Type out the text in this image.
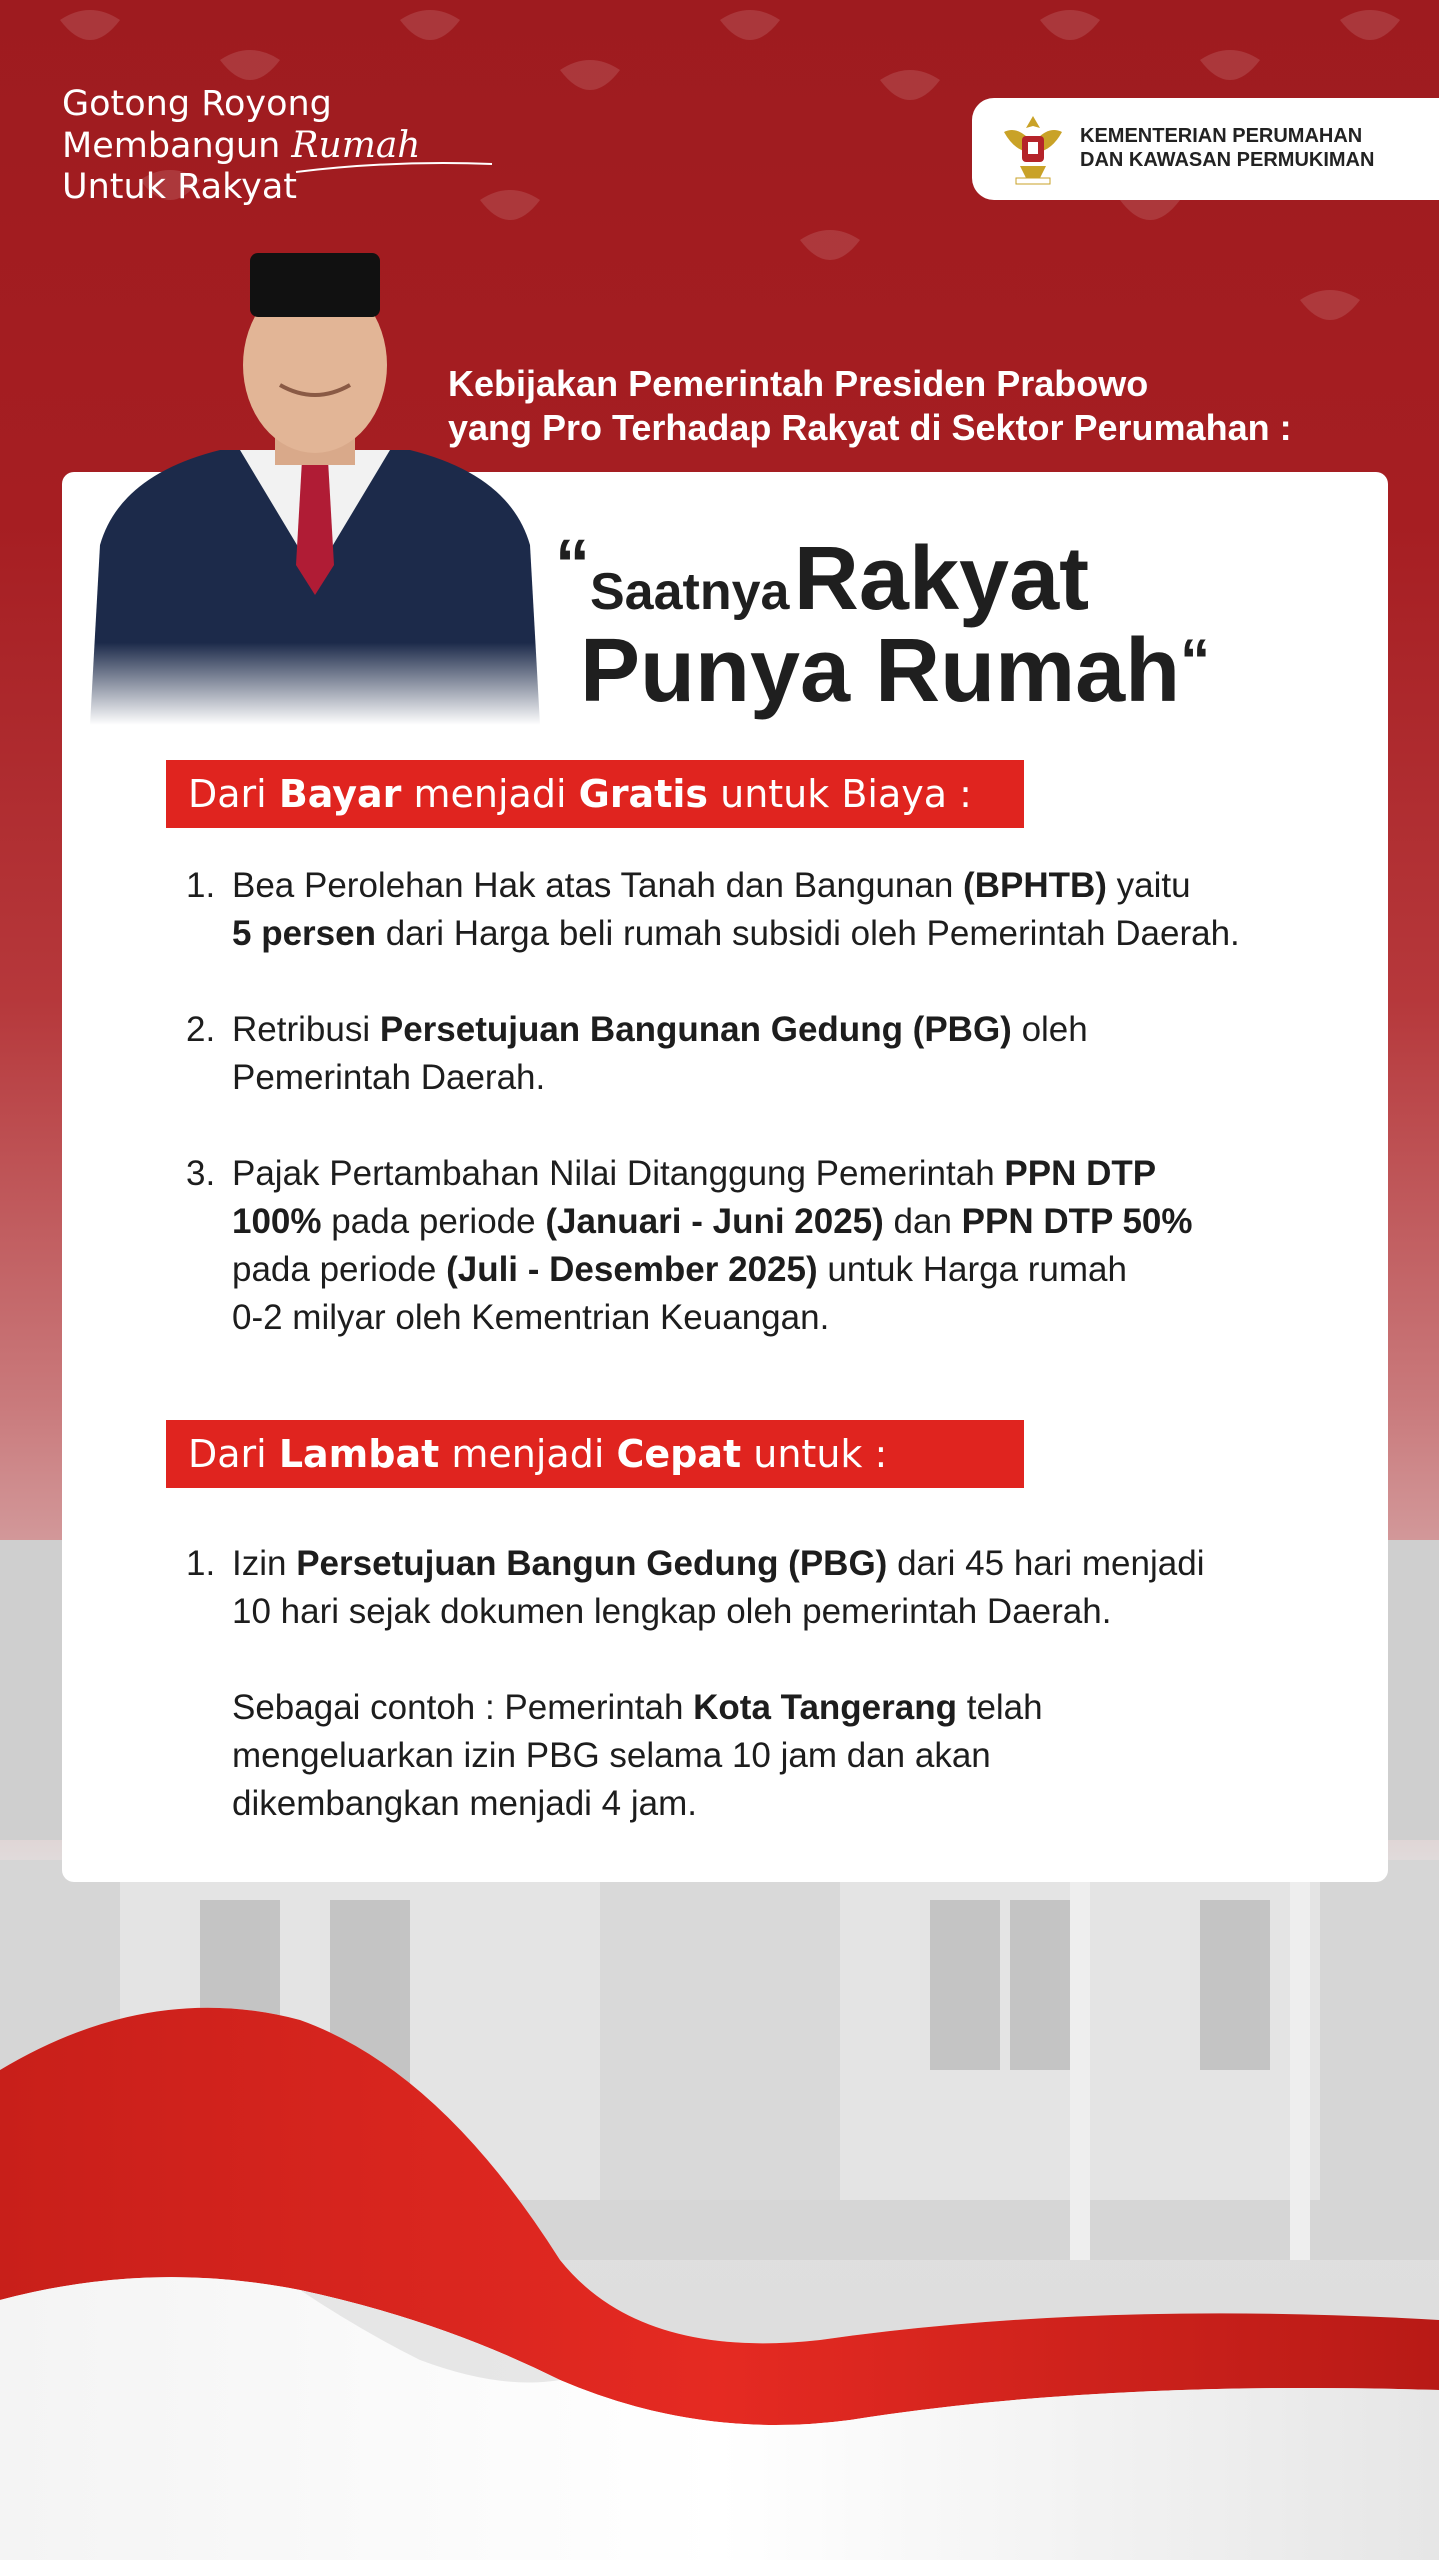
Gotong Royong
Membangun Rumah
Untuk Rakyat
KEMENTERIAN PERUMAHAN
DAN KAWASAN PERMUKIMAN
Kebijakan Pemerintah Presiden Prabowo
yang Pro Terhadap Rakyat di Sektor Perumahan :
“Saatnya Rakyat
Punya Rumah“
Dari Bayar menjadi Gratis untuk Biaya :
1. Bea Perolehan Hak atas Tanah dan Bangunan (BPHTB) yaitu
5 persen dari Harga beli rumah subsidi oleh Pemerintah Daerah.
2. Retribusi Persetujuan Bangunan Gedung (PBG) oleh
Pemerintah Daerah.
3. Pajak Pertambahan Nilai Ditanggung Pemerintah PPN DTP
100% pada periode (Januari - Juni 2025) dan PPN DTP 50%
pada periode (Juli - Desember 2025) untuk Harga rumah
0-2 milyar oleh Kementrian Keuangan.
Dari Lambat menjadi Cepat untuk :
1. Izin Persetujuan Bangun Gedung (PBG) dari 45 hari menjadi
10 hari sejak dokumen lengkap oleh pemerintah Daerah.
Sebagai contoh : Pemerintah Kota Tangerang telah
mengeluarkan izin PBG selama 10 jam dan akan
dikembangkan menjadi 4 jam.
